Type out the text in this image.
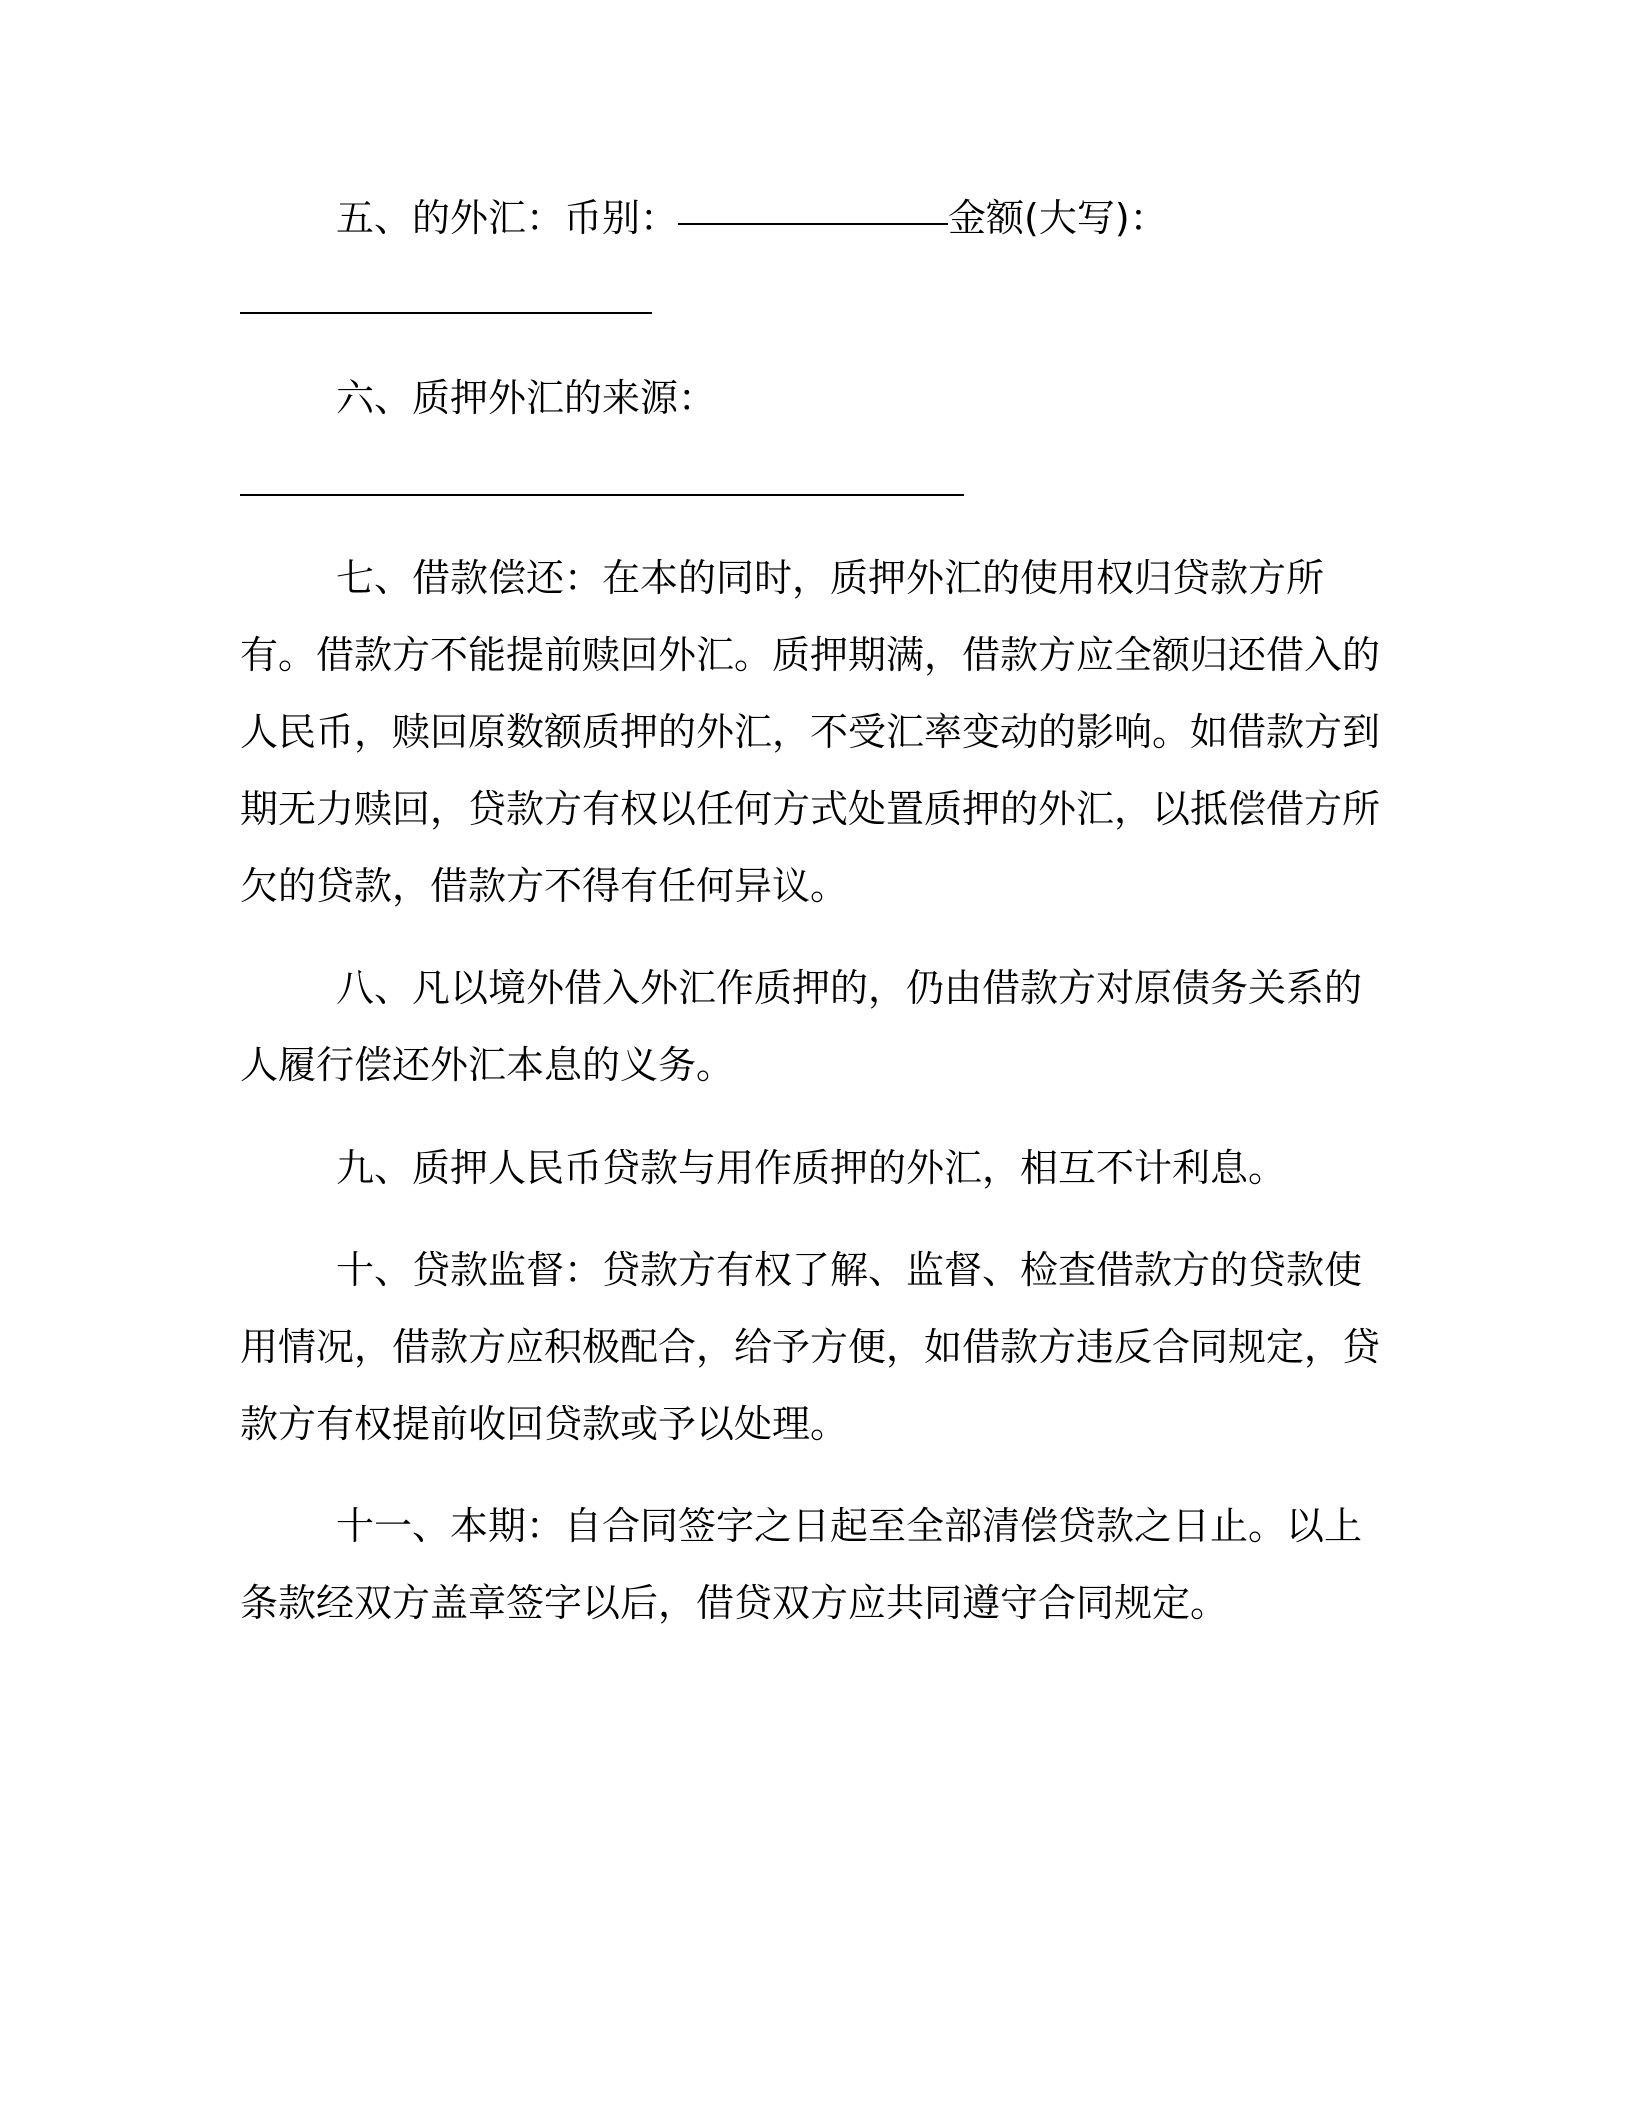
五、的外汇：币别：	金额(大写)：

六、质押外汇的来源：

七、借款偿还：在本的同时，质押外汇的使用权归贷款方所有。借款方不能提前赎回外汇。质押期满，借款方应全额归还借入的人民币，赎回原数额质押的外汇，不受汇率变动的影响。如借款方到期无力赎回，贷款方有权以任何方式处置质押的外汇，以抵偿借方所欠的贷款，借款方不得有任何异议。

八、凡以境外借入外汇作质押的，仍由借款方对原债务关系的人履行偿还外汇本息的义务。

九、质押人民币贷款与用作质押的外汇，相互不计利息。

十、贷款监督：贷款方有权了解、监督、检查借款方的贷款使用情况，借款方应积极配合，给予方便，如借款方违反合同规定，贷款方有权提前收回贷款或予以处理。

十一、本期：自合同签字之日起至全部清偿贷款之日止。以上条款经双方盖章签字以后，借贷双方应共同遵守合同规定。
